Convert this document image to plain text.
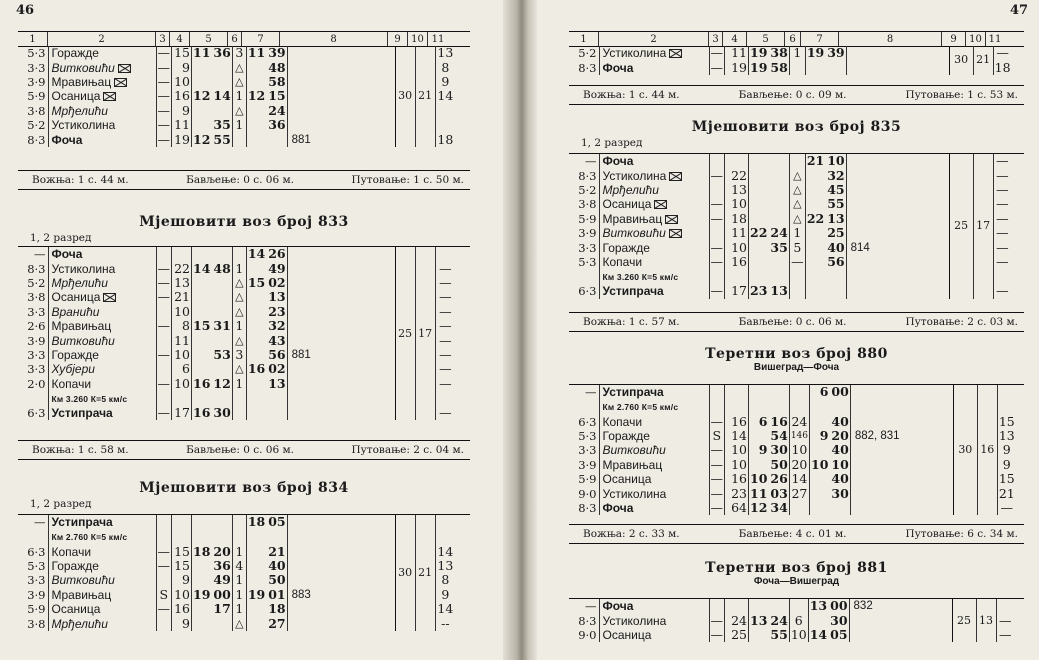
46
1	2	3	4	5	6	7	8	9	10 11
5·3	Горажде	—	15	11 36	3	11 39		30	21	13
3·3	Витковићи	—	9		△	48				8
3·9	Мравињац	—	10		△	58				9
5·9	Осаница	—	16	12 14	1	12 15				14
3·8	Мрђелићи	—	9		△	24				
5·2	Устиколина	—	11	35	1	36				
8·3	Фоча	—	19	12 55			881			18
Вожња: 1 с. 44 м.	Бављење: 0 с. 06 м.	Путовање: 1 с. 50 м.
Мјешовити воз број 833
1, 2 разред
—	Фоча					14 26		25	17	
8·3	Устиколина	—	22	14 48	1	49				—
5·2	Мрђелићи	—	13		△	15 02				—
3·8	Осаница	—	21		△	13				—
3·3	Вранићи		10		△	23				—
2·6	Мравињац	—	8	15 31	1	32				—
3·9	Витковићи		11		△	43				—
3·3	Горажде	—	10	53	3	56	881			—
3·3	Хубјери		6		△	16 02				—
2·0	Копачи	—	10	16 12	1	13				—
	Км 3.260 К=5 км/с									
6·3	Устипрача	—	17	16 30						—
Вожња: 1 с. 58 м.	Бављење: 0 с. 06 м.	Путовање: 2 с. 04 м.
Мјешовити воз број 834
1, 2 разред
—	Устипрача					18 05		30	21	
	Км 2.760 К=5 км/с									
6·3	Копачи	—	15	18 20	1	21				14
5·3	Горажде	—	15	36	4	40				13
3·3	Витковићи		9	49	1	50				8
3·9	Мравињац	S	10	19 00	1	19 01	883			9
5·9	Осаница	—	16	17	1	18				14
3·8	Мрђелићи		9		△	27				--
47
1	2	3	4	5	6	7	8	9	10 11
5·2	Устиколина	—	11	19 38	1	19 39		30	21	—
8·3	Фоча	—	19	19 58						18
Вожња: 1 с. 44 м.	Бављење: 0 с. 09 м.	Путовање: 1 с. 53 м.
Мјешовити воз број 835
1, 2 разред
—	Фоча					21 10		25	17	—
8·3	Устиколина	—	22		△	32				—
5·2	Мрђелићи		13		△	45				—
3·8	Осаница	—	10		△	55				—
5·9	Мравињац	—	18		△	22 13				—
3·9	Витковићи		11	22 24	1	25				—
3·3	Горажде	—	10	35	5	40	814			—
5·3	Копачи	—	16		—	56				—
	Км 3.260 К=5 км/с									
6·3	Устипрача	—	17	23 13						—
Вожња: 1 с. 57 м.	Бављење: 0 с. 06 м.	Путовање: 2 с. 03 м.
Теретни воз број 880
Вишеград—Фоча
—	Устипрача					6 00		30	16	
	Км 2.760 К=5 км/с									
6·3	Копачи	—	16	6 16	24	40				15
5·3	Горажде	S	14	54	146	9 20	882, 831			13
3·3	Витковићи	—	10	9 30	10	40				9
3·9	Мравињац	—	10	50	20	10 10				9
5·9	Осаница	—	16	10 26	14	40				15
9·0	Устиколина	—	23	11 03	27	30				21
8·3	Фоча	—	64	12 34						—
Вожња: 2 с. 33 м.	Бављење: 4 с. 01 м.	Путовање: 6 с. 34 м.
Теретни воз број 881
Фоча—Вишеград
—	Фоча					13 00	832	25	13	
8·3	Устиколина	—	24	13 24	6	30				—
9·0	Осаница	—	25	55	10	14 05				—
